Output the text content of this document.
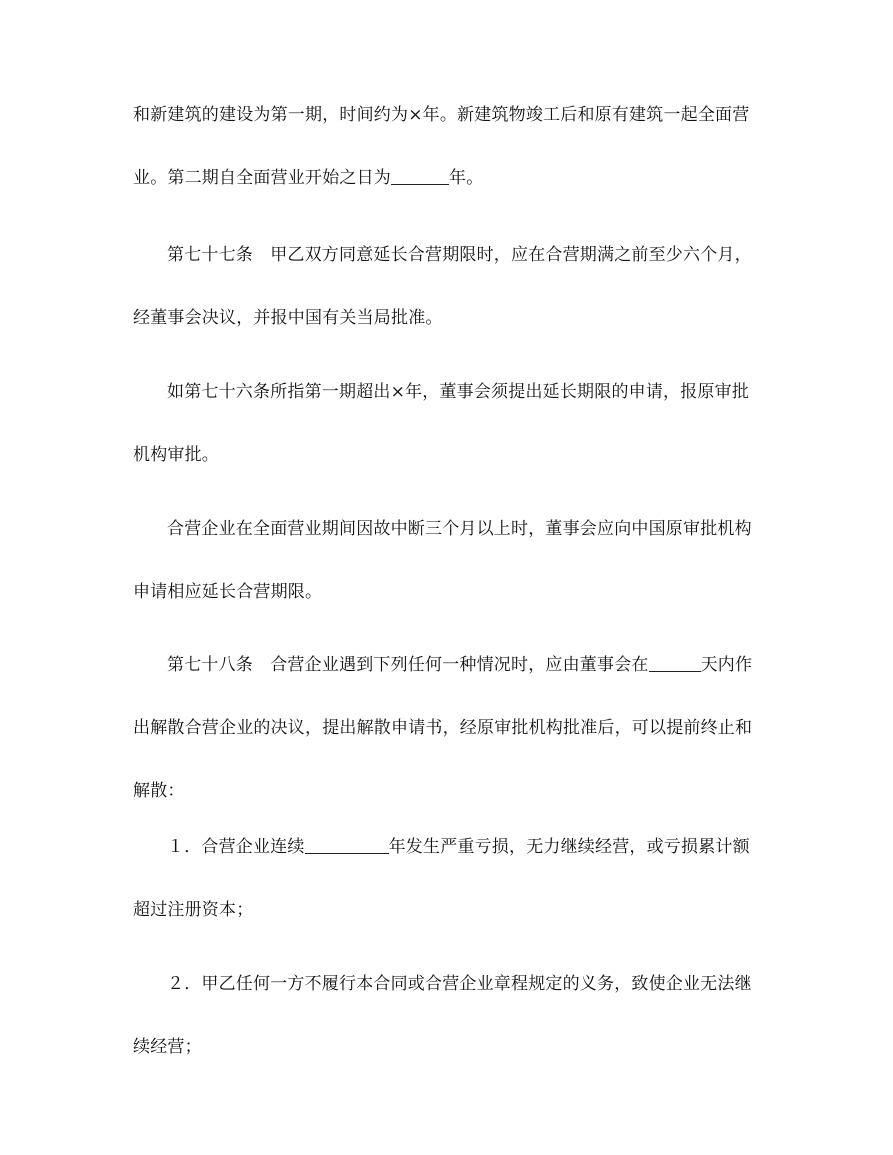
和新建筑的建设为第一期，时间约为×年。新建筑物竣工后和原有建筑一起全面营
业。第二期自全面营业开始之日为	年。
第七十七条　甲乙双方同意延长合营期限时，应在合营期满之前至少六个月，
经董事会决议，并报中国有关当局批准。
如第七十六条所指第一期超出×年，董事会须提出延长期限的申请，报原审批
机构审批。
合营企业在全面营业期间因故中断三个月以上时，董事会应向中国原审批机构
申请相应延长合营期限。
第七十八条　合营企业遇到下列任何一种情况时，应由董事会在	天内作
出解散合营企业的决议，提出解散申请书，经原审批机构批准后，可以提前终止和
解散：
１．合营企业连续	年发生严重亏损，无力继续经营，或亏损累计额
超过注册资本；
２．甲乙任何一方不履行本合同或合营企业章程规定的义务，致使企业无法继
续经营；
